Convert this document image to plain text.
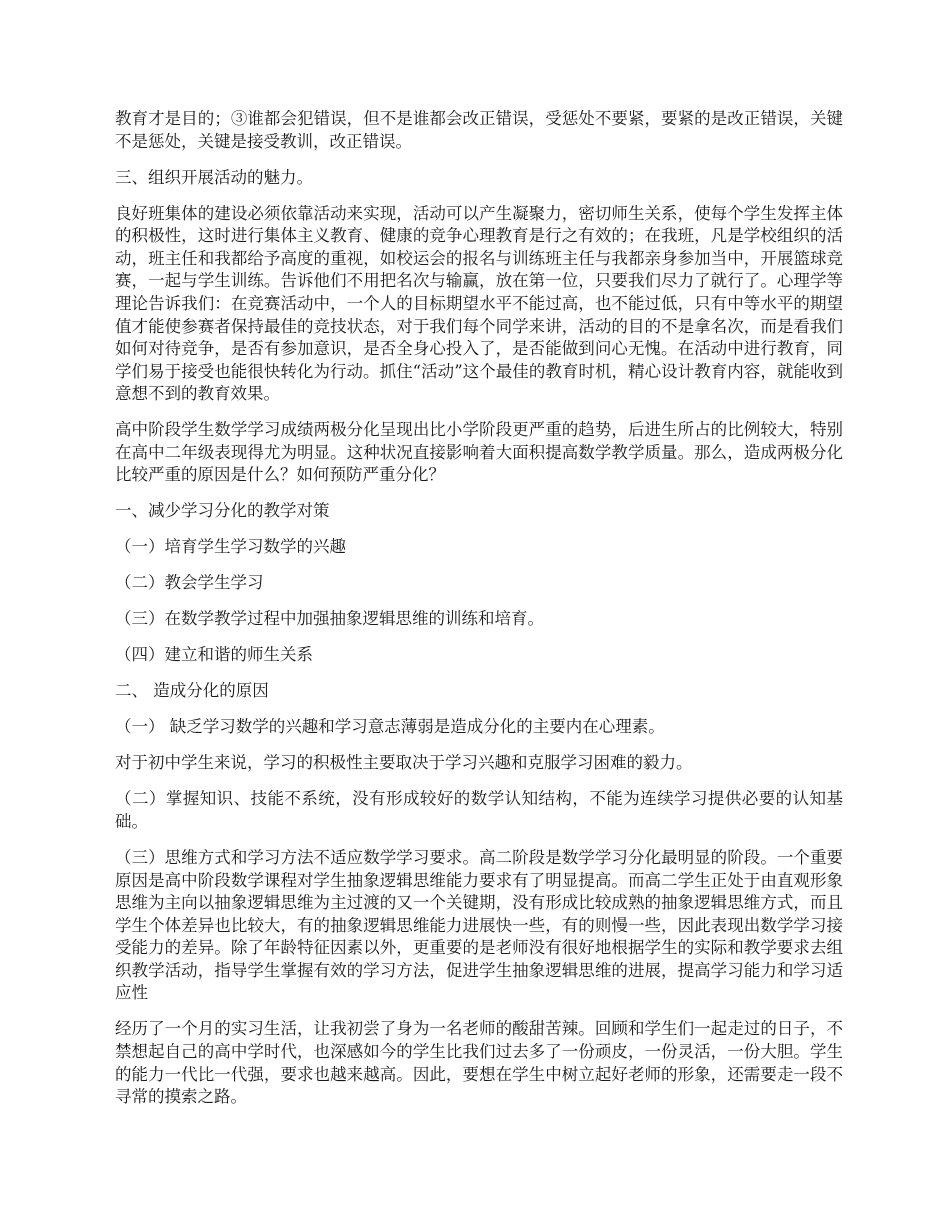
教育才是目的；③谁都会犯错误，但不是谁都会改正错误，受惩处不要紧，要紧的是改正错误，关键不是惩处，关键是接受教训，改正错误。

三、组织开展活动的魅力。

良好班集体的建设必须依靠活动来实现，活动可以产生凝聚力，密切师生关系，使每个学生发挥主体的积极性，这时进行集体主义教育、健康的竞争心理教育是行之有效的；在我班，凡是学校组织的活动，班主任和我都给予高度的重视，如校运会的报名与训练班主任与我都亲身参加当中，开展篮球竞赛，一起与学生训练。告诉他们不用把名次与输赢，放在第一位，只要我们尽力了就行了。心理学等理论告诉我们：在竞赛活动中，一个人的目标期望水平不能过高，也不能过低，只有中等水平的期望值才能使参赛者保持最佳的竞技状态，对于我们每个同学来讲，活动的目的不是拿名次，而是看我们如何对待竞争，是否有参加意识，是否全身心投入了，是否能做到问心无愧。在活动中进行教育，同学们易于接受也能很快转化为行动。抓住“活动”这个最佳的教育时机，精心设计教育内容，就能收到意想不到的教育效果。

高中阶段学生数学学习成绩两极分化呈现出比小学阶段更严重的趋势，后进生所占的比例较大，特别在高中二年级表现得尤为明显。这种状况直接影响着大面积提高数学教学质量。那么，造成两极分化比较严重的原因是什么？如何预防严重分化？

一、减少学习分化的教学对策

（一）培育学生学习数学的兴趣

（二）教会学生学习

（三）在数学教学过程中加强抽象逻辑思维的训练和培育。

（四）建立和谐的师生关系

二、 造成分化的原因

（一） 缺乏学习数学的兴趣和学习意志薄弱是造成分化的主要内在心理素。

对于初中学生来说，学习的积极性主要取决于学习兴趣和克服学习困难的毅力。

（二）掌握知识、技能不系统，没有形成较好的数学认知结构，不能为连续学习提供必要的认知基础。

（三）思维方式和学习方法不适应数学学习要求。高二阶段是数学学习分化最明显的阶段。一个重要原因是高中阶段数学课程对学生抽象逻辑思维能力要求有了明显提高。而高二学生正处于由直观形象思维为主向以抽象逻辑思维为主过渡的又一个关键期，没有形成比较成熟的抽象逻辑思维方式，而且学生个体差异也比较大，有的抽象逻辑思维能力进展快一些，有的则慢一些，因此表现出数学学习接受能力的差异。除了年龄特征因素以外，更重要的是老师没有很好地根据学生的实际和教学要求去组织教学活动，指导学生掌握有效的学习方法，促进学生抽象逻辑思维的进展，提高学习能力和学习适应性

经历了一个月的实习生活，让我初尝了身为一名老师的酸甜苦辣。回顾和学生们一起走过的日子，不禁想起自己的高中学时代，也深感如今的学生比我们过去多了一份顽皮，一份灵活，一份大胆。学生的能力一代比一代强，要求也越来越高。因此，要想在学生中树立起好老师的形象，还需要走一段不寻常的摸索之路。
